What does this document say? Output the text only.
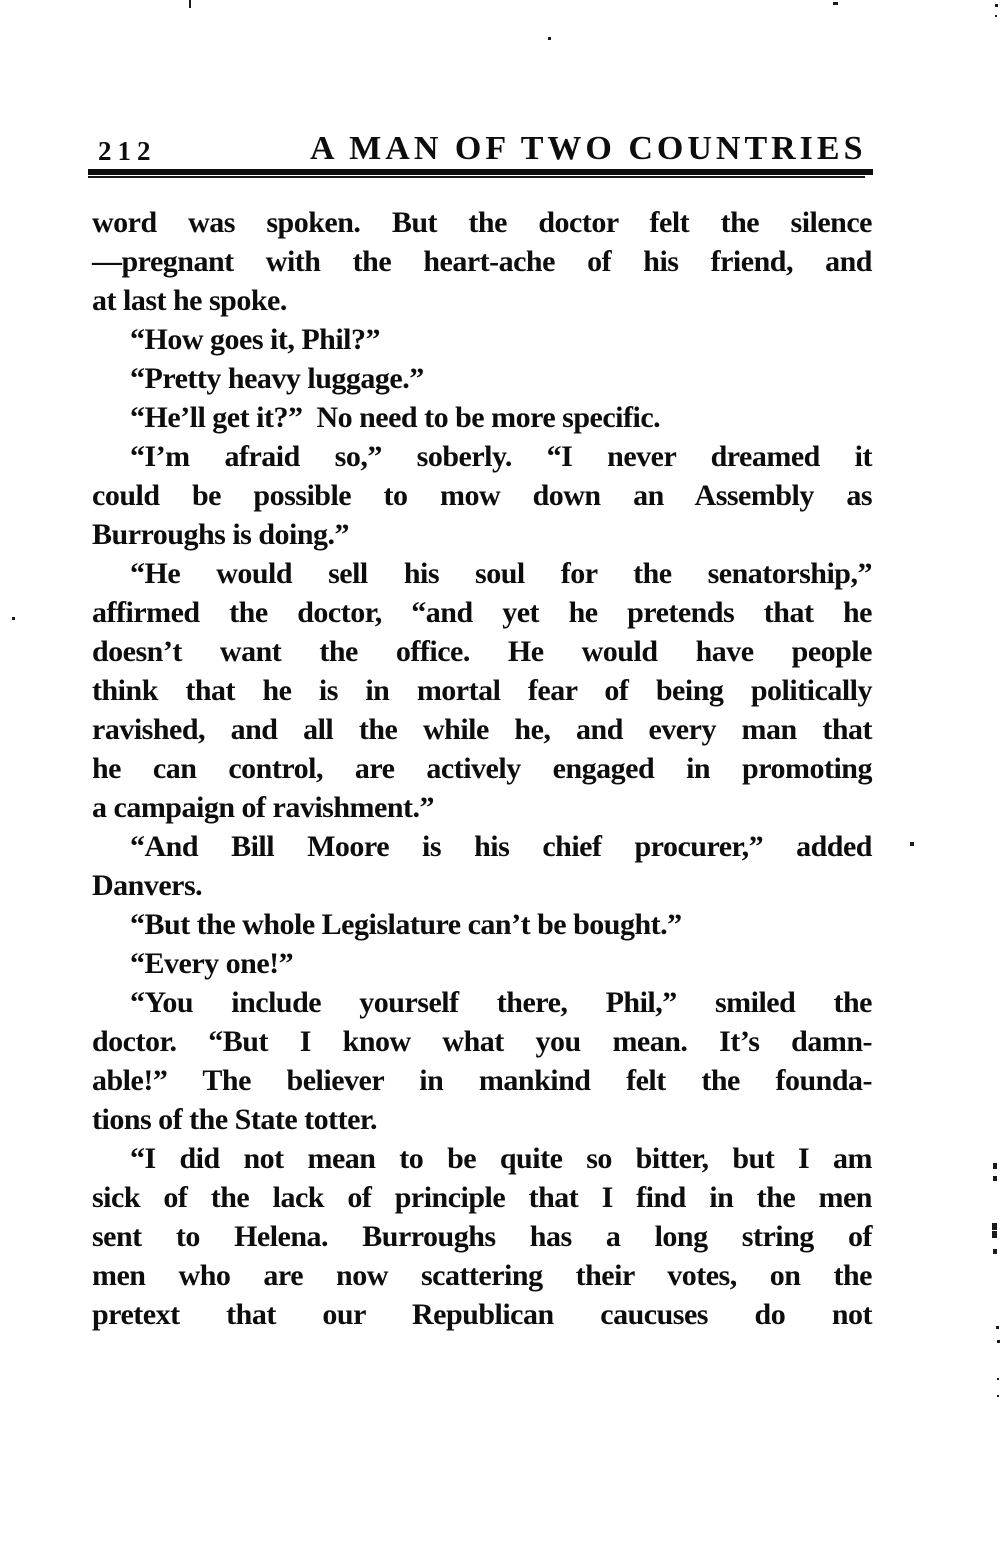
212	A MAN OF TWO COUNTRIES
word was spoken. But the doctor felt the silence
—pregnant with the heart-ache of his friend, and
at last he spoke.
“How goes it, Phil?”
“Pretty heavy luggage.”
“He’ll get it?”  No need to be more specific.
“I’m afraid so,” soberly. “I never dreamed it
could be possible to mow down an Assembly as
Burroughs is doing.”
“He would sell his soul for the senatorship,”
affirmed the doctor, “and yet he pretends that he
doesn’t want the office. He would have people
think that he is in mortal fear of being politically
ravished, and all the while he, and every man that
he can control, are actively engaged in promoting
a campaign of ravishment.”
“And Bill Moore is his chief procurer,” added
Danvers.
“But the whole Legislature can’t be bought.”
“Every one!”
“You include yourself there, Phil,” smiled the
doctor. “But I know what you mean. It’s damn-
able!” The believer in mankind felt the founda-
tions of the State totter.
“I did not mean to be quite so bitter, but I am
sick of the lack of principle that I find in the men
sent to Helena. Burroughs has a long string of
men who are now scattering their votes, on the
pretext that our Republican caucuses do not
